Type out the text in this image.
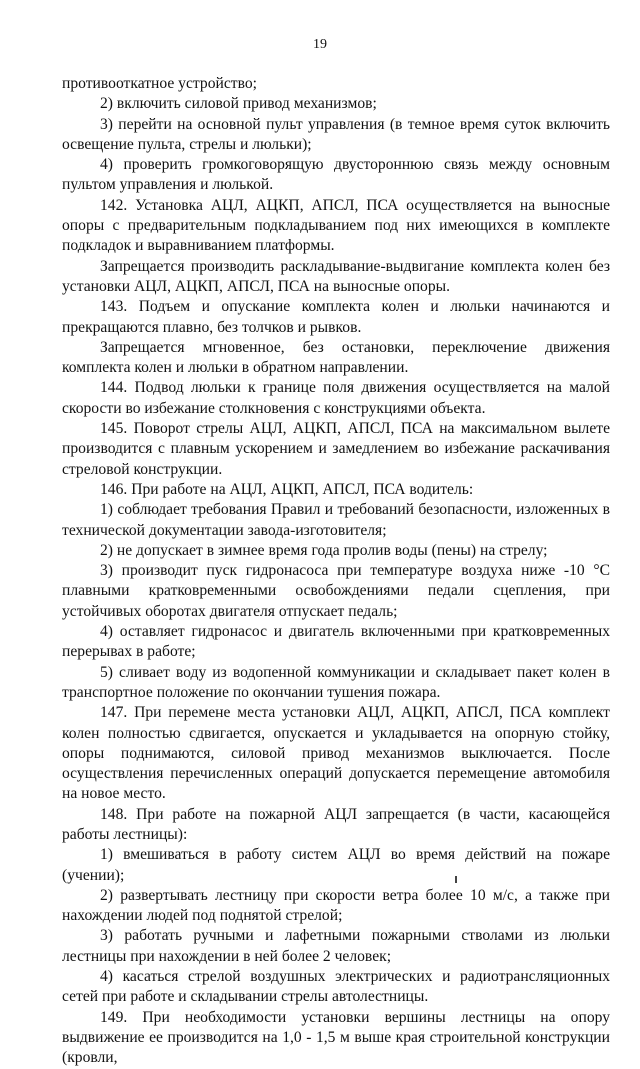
19

противооткатное устройство;

2) включить силовой привод механизмов;

3) перейти на основной пульт управления (в темное время суток включить освещение пульта, стрелы и люльки);

4) проверить громкоговорящую двустороннюю связь между основным пультом управления и люлькой.

142. Установка АЦЛ, АЦКП, АПСЛ, ПСА осуществляется на выносные опоры с предварительным подкладыванием под них имеющихся в комплекте подкладок и выравниванием платформы.

Запрещается производить раскладывание-выдвигание комплекта колен без установки АЦЛ, АЦКП, АПСЛ, ПСА на выносные опоры.

143. Подъем и опускание комплекта колен и люльки начинаются и прекращаются плавно, без толчков и рывков.

Запрещается мгновенное, без остановки, переключение движения комплекта колен и люльки в обратном направлении.

144. Подвод люльки к границе поля движения осуществляется на малой скорости во избежание столкновения с конструкциями объекта.

145. Поворот стрелы АЦЛ, АЦКП, АПСЛ, ПСА на максимальном вылете производится с плавным ускорением и замедлением во избежание раскачивания стреловой конструкции.

146. При работе на АЦЛ, АЦКП, АПСЛ, ПСА водитель:

1) соблюдает требования Правил и требований безопасности, изложенных в технической документации завода-изготовителя;

2) не допускает в зимнее время года пролив воды (пены) на стрелу;

3) производит пуск гидронасоса при температуре воздуха ниже -10 °С плавными кратковременными освобождениями педали сцепления, при устойчивых оборотах двигателя отпускает педаль;

4) оставляет гидронасос и двигатель включенными при кратковременных перерывах в работе;

5) сливает воду из водопенной коммуникации и складывает пакет колен в транспортное положение по окончании тушения пожара.

147. При перемене места установки АЦЛ, АЦКП, АПСЛ, ПСА комплект колен полностью сдвигается, опускается и укладывается на опорную стойку, опоры поднимаются, силовой привод механизмов выключается. После осуществления перечисленных операций допускается перемещение автомобиля на новое место.

148. При работе на пожарной АЦЛ запрещается (в части, касающейся работы лестницы):

1) вмешиваться в работу систем АЦЛ во время действий на пожаре (учении);

2) развертывать лестницу при скорости ветра более 10 м/с, а также при нахождении людей под поднятой стрелой;

3) работать ручными и лафетными пожарными стволами из люльки лестницы при нахождении в ней более 2 человек;

4) касаться стрелой воздушных электрических и радиотрансляционных сетей при работе и складывании стрелы автолестницы.

149. При необходимости установки вершины лестницы на опору выдвижение ее производится на 1,0 - 1,5 м выше края строительной конструкции (кровли,
